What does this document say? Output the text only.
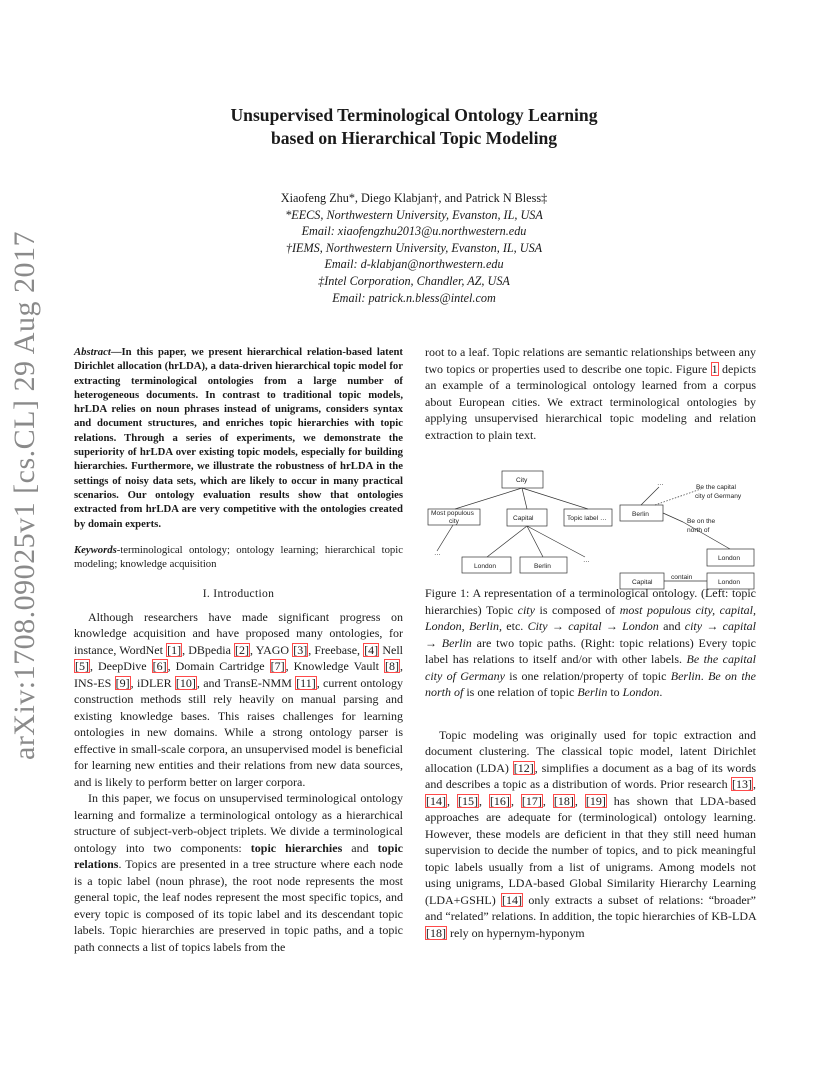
arXiv:1708.09025v1 [cs.CL] 29 Aug 2017
Unsupervised Terminological Ontology Learning
based on Hierarchical Topic Modeling
Xiaofeng Zhu*, Diego Klabjan†, and Patrick N Bless‡
*EECS, Northwestern University, Evanston, IL, USA
Email: xiaofengzhu2013@u.northwestern.edu
†IEMS, Northwestern University, Evanston, IL, USA
Email: d-klabjan@northwestern.edu
‡Intel Corporation, Chandler, AZ, USA
Email: patrick.n.bless@intel.com

Abstract—In this paper, we present hierarchical relation-based latent Dirichlet allocation (hrLDA), a data-driven hierarchical topic model for extracting terminological ontologies from a large number of heterogeneous documents. In contrast to traditional topic models, hrLDA relies on noun phrases instead of unigrams, considers syntax and document structures, and enriches topic hierarchies with topic relations. Through a series of experiments, we demonstrate the superiority of hrLDA over existing topic models, especially for building hierarchies. Furthermore, we illustrate the robustness of hrLDA in the settings of noisy data sets, which are likely to occur in many practical scenarios. Our ontology evaluation results show that ontologies extracted from hrLDA are very competitive with the ontologies created by domain experts.

Keywords-terminological ontology; ontology learning; hierarchical topic modeling; knowledge acquisition

I. Introduction

Although researchers have made significant progress on knowledge acquisition and have proposed many ontologies, for instance, WordNet [1], DBpedia [2], YAGO [3], Freebase, [4] Nell [5], DeepDive [6], Domain Cartridge [7], Knowledge Vault [8], INS-ES [9], iDLER [10], and TransE-NMM [11], current ontology construction methods still rely heavily on manual parsing and existing knowledge bases. This raises challenges for learning ontologies in new domains. While a strong ontology parser is effective in small-scale corpora, an unsupervised model is beneficial for learning new entities and their relations from new data sources, and is likely to perform better on larger corpora.

In this paper, we focus on unsupervised terminological ontology learning and formalize a terminological ontology as a hierarchical structure of subject-verb-object triplets. We divide a terminological ontology into two components: topic hierarchies and topic relations. Topics are presented in a tree structure where each node is a topic label (noun phrase), the root node represents the most general topic, the leaf nodes represent the most specific topics, and every topic is composed of its topic label and its descendant topic labels. Topic hierarchies are preserved in topic paths, and a topic path connects a list of topics labels from the

root to a leaf. Topic relations are semantic relationships between any two topics or properties used to describe one topic. Figure 1 depicts an example of a terminological ontology learned from a corpus about European cities. We extract terminological ontologies by applying unsupervised hierarchical topic modeling and relation extraction to plain text.

City
Most populous
city	Capital	Topic label …
London	Berlin
…
…
Berlin
…
Be the capital
city of Germany
Be on the
north of
London
Capital
contain
London

Figure 1: A representation of a terminological ontology. (Left: topic hierarchies) Topic city is composed of most populous city, capital, London, Berlin, etc. City → capital → London and city → capital → Berlin are two topic paths. (Right: topic relations) Every topic label has relations to itself and/or with other labels. Be the capital city of Germany is one relation/property of topic Berlin. Be on the north of is one relation of topic Berlin to London.

Topic modeling was originally used for topic extraction and document clustering. The classical topic model, latent Dirichlet allocation (LDA) [12], simplifies a document as a bag of its words and describes a topic as a distribution of words. Prior research [13], [14], [15], [16], [17], [18], [19] has shown that LDA-based approaches are adequate for (terminological) ontology learning. However, these models are deficient in that they still need human supervision to decide the number of topics, and to pick meaningful topic labels usually from a list of unigrams. Among models not using unigrams, LDA-based Global Similarity Hierarchy Learning (LDA+GSHL) [14] only extracts a subset of relations: “broader” and “related” relations. In addition, the topic hierarchies of KB-LDA [18] rely on hypernym-hyponym
